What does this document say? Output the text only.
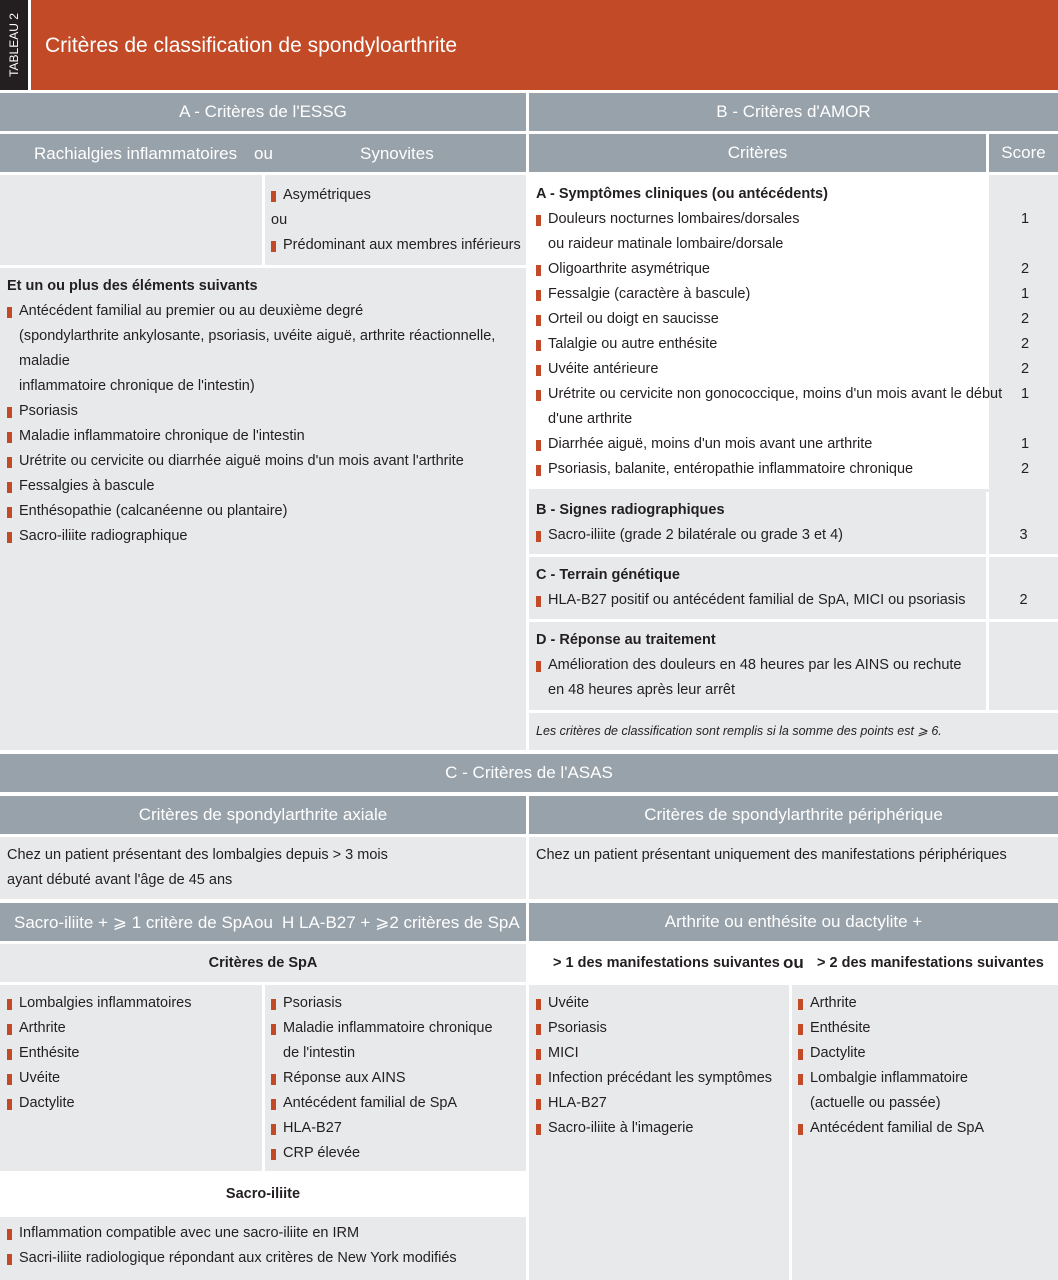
TABLEAU 2 Critères de classification de spondyloarthrite
A - Critères de l'ESSG	B - Critères d'AMOR
Rachialgies inflammatoires ou	Synovites	Critères	Score
Asymétriques
ou
Prédominant aux membres inférieurs
Et un ou plus des éléments suivants
Antécédent familial au premier ou au deuxième degré
(spondylarthrite ankylosante, psoriasis, uvéite aiguë, arthrite réactionnelle, maladie
inflammatoire chronique de l'intestin)
Psoriasis
Maladie inflammatoire chronique de l'intestin
Urétrite ou cervicite ou diarrhée aiguë moins d'un mois avant l'arthrite
Fessalgies à bascule
Enthésopathie (calcanéenne ou plantaire)
Sacro-iliite radiographique
A - Symptômes cliniques (ou antécédents)
Douleurs nocturnes lombaires/dorsales	1
ou raideur matinale lombaire/dorsale
Oligoarthrite asymétrique	2
Fessalgie (caractère à bascule)	1
Orteil ou doigt en saucisse	2
Talalgie ou autre enthésite	2
Uvéite antérieure	2
Urétrite ou cervicite non gonococcique, moins d'un mois avant le début	1
d'une arthrite
Diarrhée aiguë, moins d'un mois avant une arthrite	1
Psoriasis, balanite, entéropathie inflammatoire chronique	2
B - Signes radiographiques
Sacro-iliite (grade 2 bilatérale ou grade 3 et 4)	3
C - Terrain génétique
HLA-B27 positif ou antécédent familial de SpA, MICI ou psoriasis	2
D - Réponse au traitement
Amélioration des douleurs en 48 heures par les AINS ou rechute
en 48 heures après leur arrêt
Les critères de classification sont remplis si la somme des points est ⩾ 6.
C - Critères de l'ASAS
Critères de spondylarthrite axiale	Critères de spondylarthrite périphérique
Chez un patient présentant des lombalgies depuis > 3 mois
ayant débuté avant l'âge de 45 ans
Chez un patient présentant uniquement des manifestations périphériques
Sacro-iliite + ⩾ 1 critère de SpA ou H LA-B27 + ⩾2 critères de SpA	Arthrite ou enthésite ou dactylite +
Critères de SpA	> 1 des manifestations suivantes ou > 2 des manifestations suivantes
Lombalgies inflammatoires
Arthrite
Enthésite
Uvéite
Dactylite
Psoriasis
Maladie inflammatoire chronique
de l'intestin
Réponse aux AINS
Antécédent familial de SpA
HLA-B27
CRP élevée
Sacro-iliite
Inflammation compatible avec une sacro-iliite en IRM
Sacri-iliite radiologique répondant aux critères de New York modifiés
Uvéite
Psoriasis
MICI
Infection précédant les symptômes
HLA-B27
Sacro-iliite à l'imagerie
Arthrite
Enthésite
Dactylite
Lombalgie inflammatoire
(actuelle ou passée)
Antécédent familial de SpA
